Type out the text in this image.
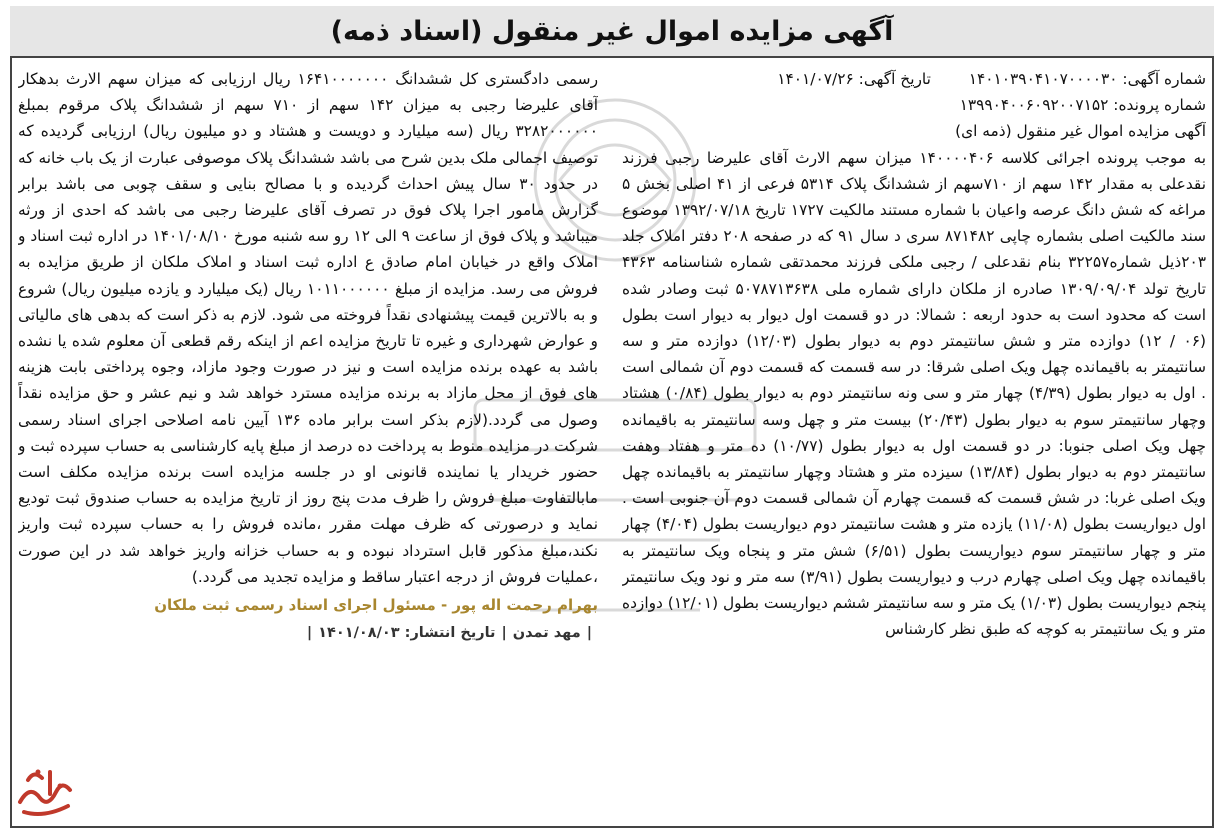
آگهی مزایده اموال غیر منقول (اسناد ذمه)

شماره آگهی: ۱۴۰۱۰۳۹۰۴۱۰۷۰۰۰۰۳۰  تاریخ آگهی: ۱۴۰۱/۰۷/۲۶

شماره پرونده: ۱۳۹۹۰۴۰۰۶۰۹۲۰۰۷۱۵۲

آگهی مزایده اموال غیر منقول (ذمه ای)

به موجب پرونده اجرائی کلاسه ۱۴۰۰۰۰۴۰۶ میزان سهم الارث آقای علیرضا رجبی فرزند نقدعلی به مقدار ۱۴۲ سهم از ۷۱۰سهم از ششدانگ پلاک ۵۳۱۴ فرعی از ۴۱ اصلی بخش ۵ مراغه که شش دانگ عرصه واعیان با شماره مستند مالکیت ۱۷۲۷ تاریخ ۱۳۹۲/۰۷/۱۸ موضوع سند مالکیت اصلی بشماره چاپی ۸۷۱۴۸۲ سری د سال ۹۱ که در صفحه ۲۰۸ دفتر املاک جلد ۲۰۳ذیل شماره۳۲۲۵۷ بنام نقدعلی / رجبی ملکی فرزند محمدتقی شماره شناسنامه ۴۳۶۳ تاریخ تولد ۱۳۰۹/۰۹/۰۴ صادره از ملکان دارای شماره ملی ۵۰۷۸۷۱۳۶۳۸ ثبت وصادر شده است که محدود است به حدود اربعه : شمالا: در دو قسمت اول دیوار به دیوار است بطول (۰۶ / ۱۲) دوازده متر و شش سانتیمتر دوم به دیوار بطول (۱۲/۰۳) دوازده متر و سه سانتیمتر به باقیمانده چهل ویک اصلی شرقا: در سه قسمت که قسمت دوم آن شمالی است . اول به دیوار بطول (۴/۳۹) چهار متر و سی ونه سانتیمتر دوم به دیوار بطول (۰/۸۴) هشتاد وچهار سانتیمتر سوم به دیوار بطول (۲۰/۴۳) بیست متر و چهل وسه سانتیمتر به باقیمانده چهل ویک اصلی جنوبا: در دو قسمت اول به دیوار بطول (۱۰/۷۷) ده متر و هفتاد وهفت سانتیمتر دوم به دیوار بطول (۱۳/۸۴) سیزده متر و هشتاد وچهار سانتیمتر به باقیمانده چهل ویک اصلی غربا: در شش قسمت که قسمت چهارم آن شمالی قسمت دوم آن جنوبی است . اول دیواریست بطول (۱۱/۰۸) یازده متر و هشت سانتیمتر دوم دیواریست بطول (۴/۰۴) چهار متر و چهار سانتیمتر سوم دیواریست بطول (۶/۵۱) شش متر و پنجاه ویک سانتیمتر به باقیمانده چهل ویک اصلی چهارم درب و دیواریست بطول (۳/۹۱) سه متر و نود ویک سانتیمتر پنجم دیواریست بطول (۱/۰۳) یک متر و سه سانتیمتر ششم دیواریست بطول (۱۲/۰۱) دوازده متر و یک سانتیمتر به کوچه که طبق نظر کارشناس

رسمی دادگستری کل ششدانگ ۱۶۴۱۰۰۰۰۰۰۰ ریال ارزیابی که میزان سهم الارث بدهکار آقای علیرضا رجبی به میزان ۱۴۲ سهم از ۷۱۰ سهم از ششدانگ پلاک مرقوم بمبلغ ۳۲۸۲۰۰۰۰۰۰ ریال (سه میلیارد و دویست و هشتاد و دو میلیون ریال) ارزیابی گردیده که توصیف اجمالی ملک بدین شرح می باشد ششدانگ پلاک موصوفی عبارت از یک باب خانه که در حدود ۳۰ سال پیش احداث گردیده و با مصالح بنایی و سقف چوبی می باشد برابر گزارش مامور اجرا پلاک فوق در تصرف آقای علیرضا رجبی می باشد که احدی از ورثه میباشد و پلاک فوق از ساعت ۹ الی ۱۲ رو سه شنبه مورخ ۱۴۰۱/۰۸/۱۰ در اداره ثبت اسناد و املاک واقع در خیابان امام صادق ع اداره ثبت اسناد و املاک ملکان از طریق مزایده به فروش می رسد. مزایده از مبلغ ۱۰۱۱۰۰۰۰۰۰ ریال (یک میلیارد و یازده میلیون ریال) شروع و به بالاترین قیمت پیشنهادی نقداً فروخته می شود. لازم به ذکر است که بدهی های مالیاتی و عوارض شهرداری و غیره تا تاریخ مزایده اعم از اینکه رقم قطعی آن معلوم شده یا نشده باشد به عهده برنده مزایده است و نیز در صورت وجود مازاد، وجوه پرداختی بابت هزینه های فوق از محل مازاد به برنده مزایده مسترد خواهد شد و نیم عشر و حق مزایده نقداً وصول می گردد.(لازم بذکر است برابر ماده ۱۳۶ آیین نامه اصلاحی اجرای اسناد رسمی شرکت در مزایده منوط به پرداخت ده درصد از مبلغ پایه کارشناسی به حساب سپرده ثبت و حضور خریدار یا نماینده قانونی او در جلسه مزایده است برنده مزایده مکلف است مابالتفاوت مبلغ فروش را ظرف مدت پنج روز از تاریخ مزایده به حساب صندوق ثبت تودیع نماید و درصورتی که ظرف مهلت مقرر ،مانده فروش را به حساب سپرده ثبت واریز نکند،مبلغ مذکور قابل استرداد نبوده و به حساب خزانه واریز خواهد شد در این صورت ،عملیات فروش از درجه اعتبار ساقط و مزایده تجدید می گردد.)

بهرام رحمت اله پور - مسئول اجرای اسناد رسمی ثبت ملکان

|مهد تمدن|تاریخ انتشار: ۱۴۰۱/۰۸/۰۳|
